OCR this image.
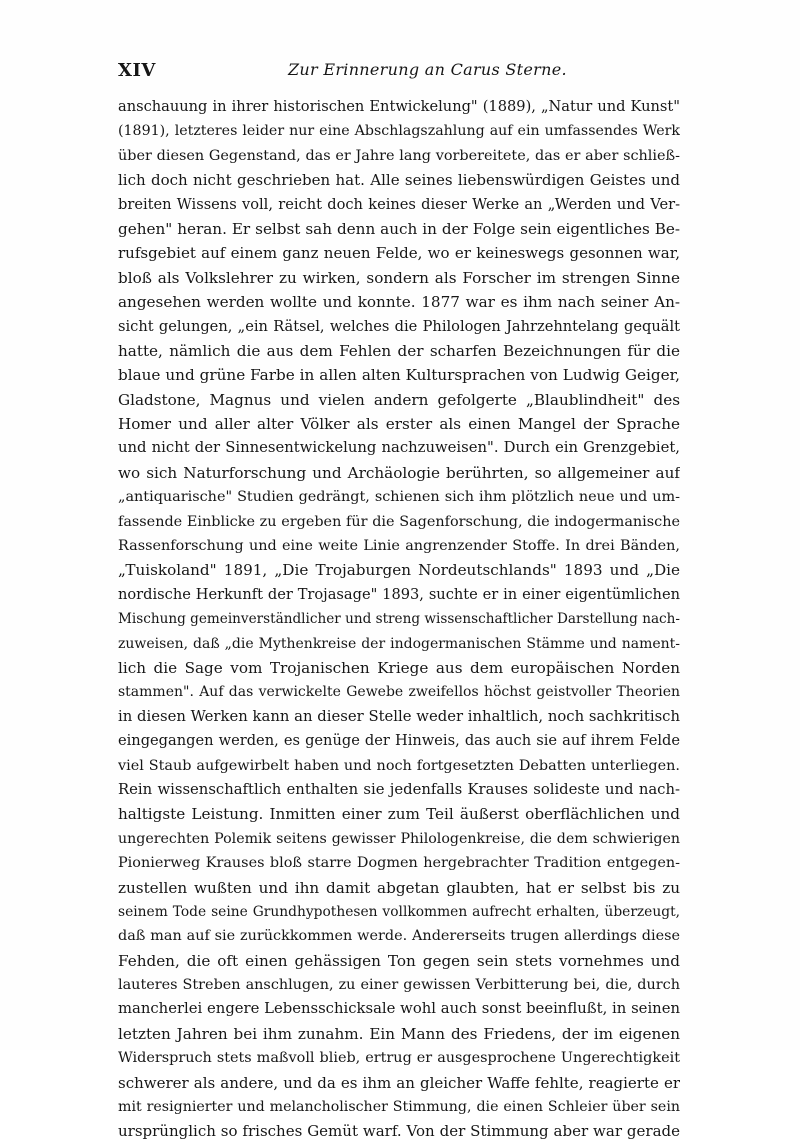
XIV	Zur Erinnerung an Carus Sterne.
anschauung in ihrer historischen Entwickelung" (1889), „Natur und Kunst"
(1891), letzteres leider nur eine Abschlagszahlung auf ein umfassendes Werk
über diesen Gegenstand, das er Jahre lang vorbereitete, das er aber schließ-
lich doch nicht geschrieben hat. Alle seines liebenswürdigen Geistes und
breiten Wissens voll, reicht doch keines dieser Werke an „Werden und Ver-
gehen" heran. Er selbst sah denn auch in der Folge sein eigentliches Be-
rufsgebiet auf einem ganz neuen Felde, wo er keineswegs gesonnen war,
bloß als Volkslehrer zu wirken, sondern als Forscher im strengen Sinne
angesehen werden wollte und konnte. 1877 war es ihm nach seiner An-
sicht gelungen, „ein Rätsel, welches die Philologen Jahrzehntelang gequält
hatte, nämlich die aus dem Fehlen der scharfen Bezeichnungen für die
blaue und grüne Farbe in allen alten Kultursprachen von Ludwig Geiger,
Gladstone, Magnus und vielen andern gefolgerte „Blaublindheit" des
Homer und aller alter Völker als erster als einen Mangel der Sprache
und nicht der Sinnesentwickelung nachzuweisen". Durch ein Grenzgebiet,
wo sich Naturforschung und Archäologie berührten, so allgemeiner auf
„antiquarische" Studien gedrängt, schienen sich ihm plötzlich neue und um-
fassende Einblicke zu ergeben für die Sagenforschung, die indogermanische
Rassenforschung und eine weite Linie angrenzender Stoffe. In drei Bänden,
„Tuiskoland" 1891, „Die Trojaburgen Nordeutschlands" 1893 und „Die
nordische Herkunft der Trojasage" 1893, suchte er in einer eigentümlichen
Mischung gemeinverständlicher und streng wissenschaftlicher Darstellung nach-
zuweisen, daß „die Mythenkreise der indogermanischen Stämme und nament-
lich die Sage vom Trojanischen Kriege aus dem europäischen Norden
stammen". Auf das verwickelte Gewebe zweifellos höchst geistvoller Theorien
in diesen Werken kann an dieser Stelle weder inhaltlich, noch sachkritisch
eingegangen werden, es genüge der Hinweis, das auch sie auf ihrem Felde
viel Staub aufgewirbelt haben und noch fortgesetzten Debatten unterliegen.
Rein wissenschaftlich enthalten sie jedenfalls Krauses solideste und nach-
haltigste Leistung. Inmitten einer zum Teil äußerst oberflächlichen und
ungerechten Polemik seitens gewisser Philologenkreise, die dem schwierigen
Pionierweg Krauses bloß starre Dogmen hergebrachter Tradition entgegen-
zustellen wußten und ihn damit abgetan glaubten, hat er selbst bis zu
seinem Tode seine Grundhypothesen vollkommen aufrecht erhalten, überzeugt,
daß man auf sie zurückkommen werde. Andererseits trugen allerdings diese
Fehden, die oft einen gehässigen Ton gegen sein stets vornehmes und
lauteres Streben anschlugen, zu einer gewissen Verbitterung bei, die, durch
mancherlei engere Lebensschicksale wohl auch sonst beeinflußt, in seinen
letzten Jahren bei ihm zunahm. Ein Mann des Friedens, der im eigenen
Widerspruch stets maßvoll blieb, ertrug er ausgesprochene Ungerechtigkeit
schwerer als andere, und da es ihm an gleicher Waffe fehlte, reagierte er
mit resignierter und melancholischer Stimmung, die einen Schleier über sein
ursprünglich so frisches Gemüt warf. Von der Stimmung aber war gerade
